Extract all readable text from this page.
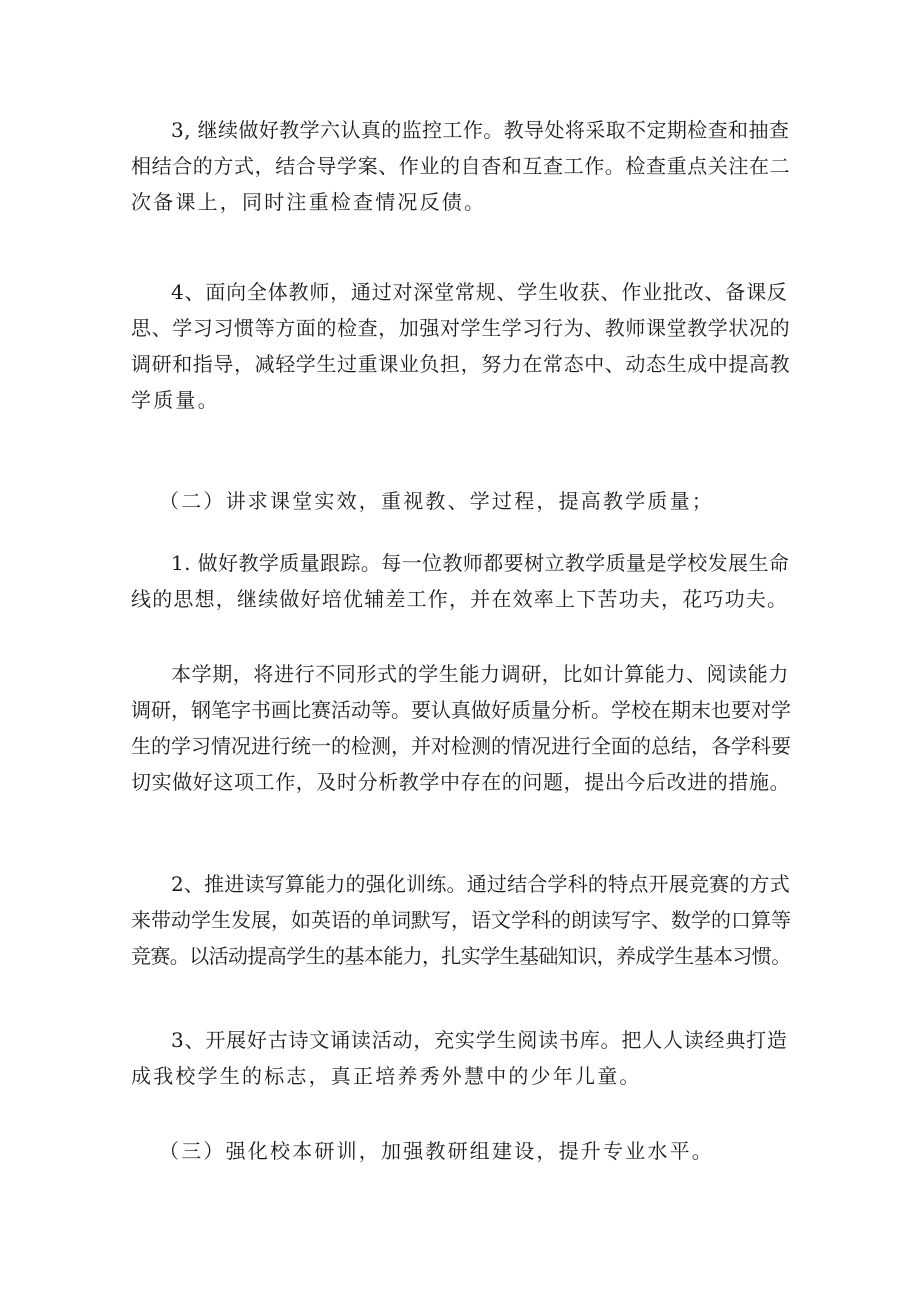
3, 继续做好教学六认真的监控工作。教导处将采取不定期检查和抽查
相结合的方式，结合导学案、作业的自杳和互查工作。检查重点关注在二
次备课上，同时注重检查情况反债。

4、面向全体教师，通过对深堂常规、学生收获、作业批改、备课反
思、学习习惯等方面的检查，加强对学生学习行为、教师课堂教学状况的
调研和指导，减轻学生过重课业负担，努力在常态中、动态生成中提高教
学质量。

（二）讲求课堂实效，重视教、学过程，提高教学质量；

1. 做好教学质量跟踪。每一位教师都要树立教学质量是学校发展生命
线的思想，继续做好培优辅差工作，并在效率上下苦功夫，花巧功夫。

本学期，将进行不同形式的学生能力调研，比如计算能力、阅读能力
调研，钢笔字书画比赛活动等。要认真做好质量分析。学校在期末也要对学
生的学习情况进行统一的检测，并对检测的情况进行全面的总结，各学科要
切实做好这项工作，及时分析教学中存在的问题，提出今后改进的措施。

2、推进读写算能力的强化训练。通过结合学科的特点开展竞赛的方式
来带动学生发展，如英语的单词默写，语文学科的朗读写字、数学的口算等
竞赛。以活动提高学生的基本能力，扎实学生基础知识，养成学生基本习惯。

3、开展好古诗文诵读活动，充实学生阅读书库。把人人读经典打造
成我校学生的标志，真正培养秀外慧中的少年儿童。

（三）强化校本研训，加强教研组建设，提升专业水平。
